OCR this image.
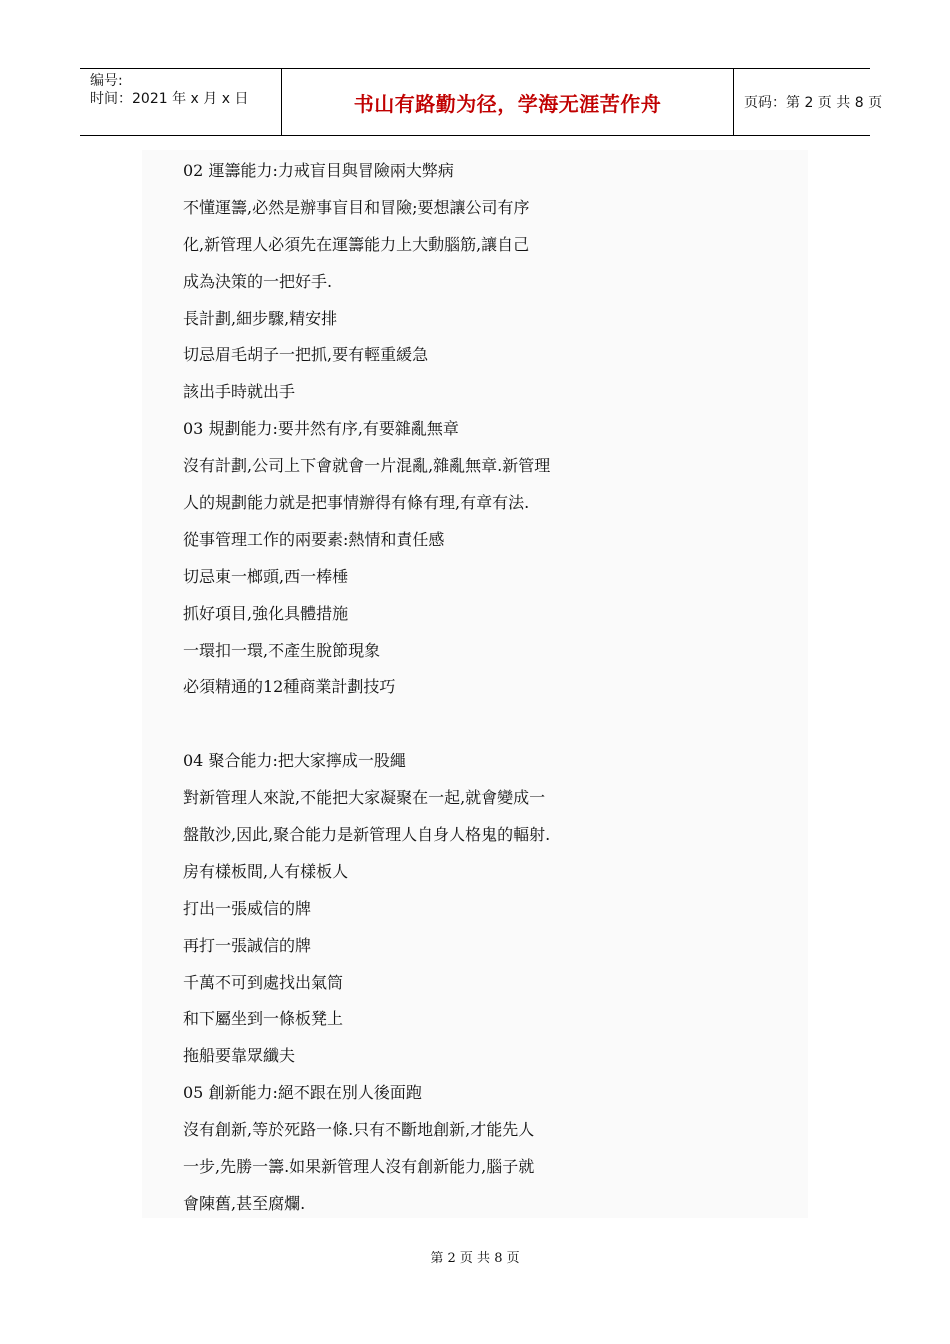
编号:
时间：2021 年 x 月 x 日	书山有路勤为径，学海无涯苦作舟	页码：第 2 页 共 8 页
02 運籌能力:力戒盲目與冒險兩大弊病
不懂運籌,必然是辦事盲目和冒險;要想讓公司有序
化,新管理人必須先在運籌能力上大動腦筋,讓自己
成為決策的一把好手.
長計劃,細步驟,精安排
切忌眉毛胡子一把抓,要有輕重緩急
該出手時就出手
03 規劃能力:要井然有序,有要雜亂無章
沒有計劃,公司上下會就會一片混亂,雜亂無章.新管理
人的規劃能力就是把事情辦得有條有理,有章有法.
從事管理工作的兩要素:熱情和責任感
切忌東一榔頭,西一棒棰
抓好項目,強化具體措施
一環扣一環,不產生脫節現象
必須精通的12種商業計劃技巧
04 聚合能力:把大家擰成一股繩
對新管理人來說,不能把大家凝聚在一起,就會變成一
盤散沙,因此,聚合能力是新管理人自身人格鬼的輻射.
房有樣板間,人有樣板人
打出一張威信的牌
再打一張誠信的牌
千萬不可到處找出氣筒
和下屬坐到一條板凳上
拖船要靠眾纖夫
05 創新能力:絕不跟在別人後面跑
沒有創新,等於死路一條.只有不斷地創新,才能先人
一步,先勝一籌.如果新管理人沒有創新能力,腦子就
會陳舊,甚至腐爛.
第 2 页 共 8 页
